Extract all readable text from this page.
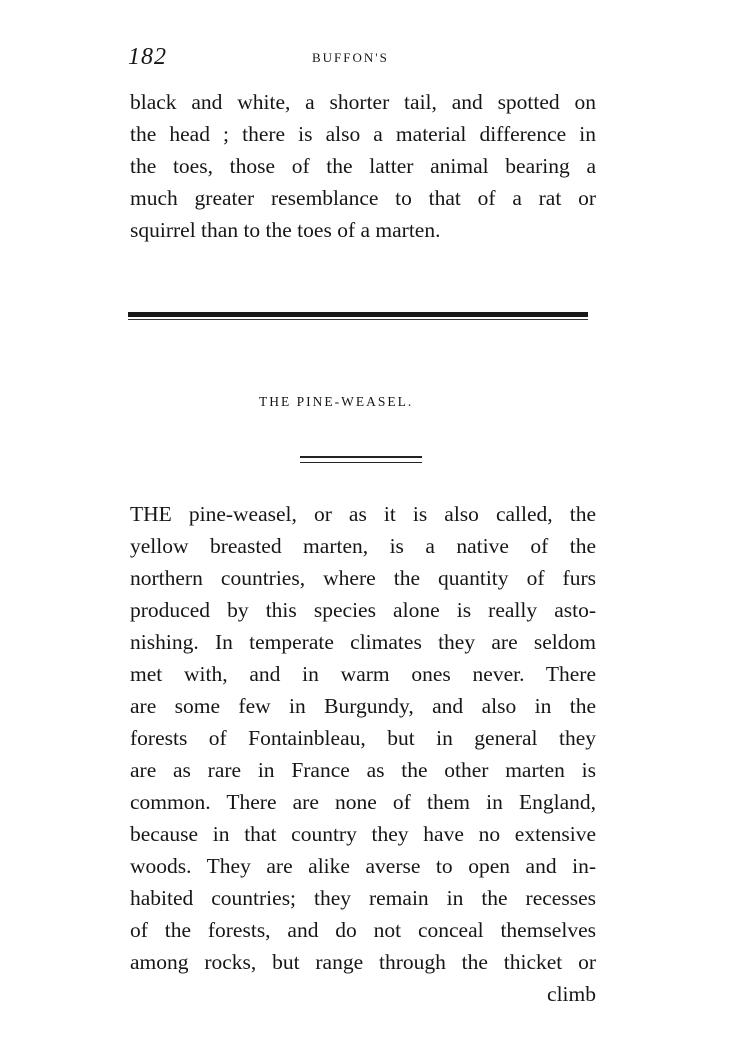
182	BUFFON'S
black and white, a shorter tail, and spotted on
the head ; there is also a material difference in
the toes, those of the latter animal bearing a
much greater resemblance to that of a rat or
squirrel than to the toes of a marten.
THE PINE-WEASEL.
THE pine-weasel, or as it is also called, the
yellow breasted marten, is a native of the
northern countries, where the quantity of furs
produced by this species alone is really asto-
nishing. In temperate climates they are seldom
met with, and in warm ones never. There
are some few in Burgundy, and also in the
forests of Fontainbleau, but in general they
are as rare in France as the other marten is
common. There are none of them in England,
because in that country they have no extensive
woods. They are alike averse to open and in-
habited countries; they remain in the recesses
of the forests, and do not conceal themselves
among rocks, but range through the thicket or
climb
